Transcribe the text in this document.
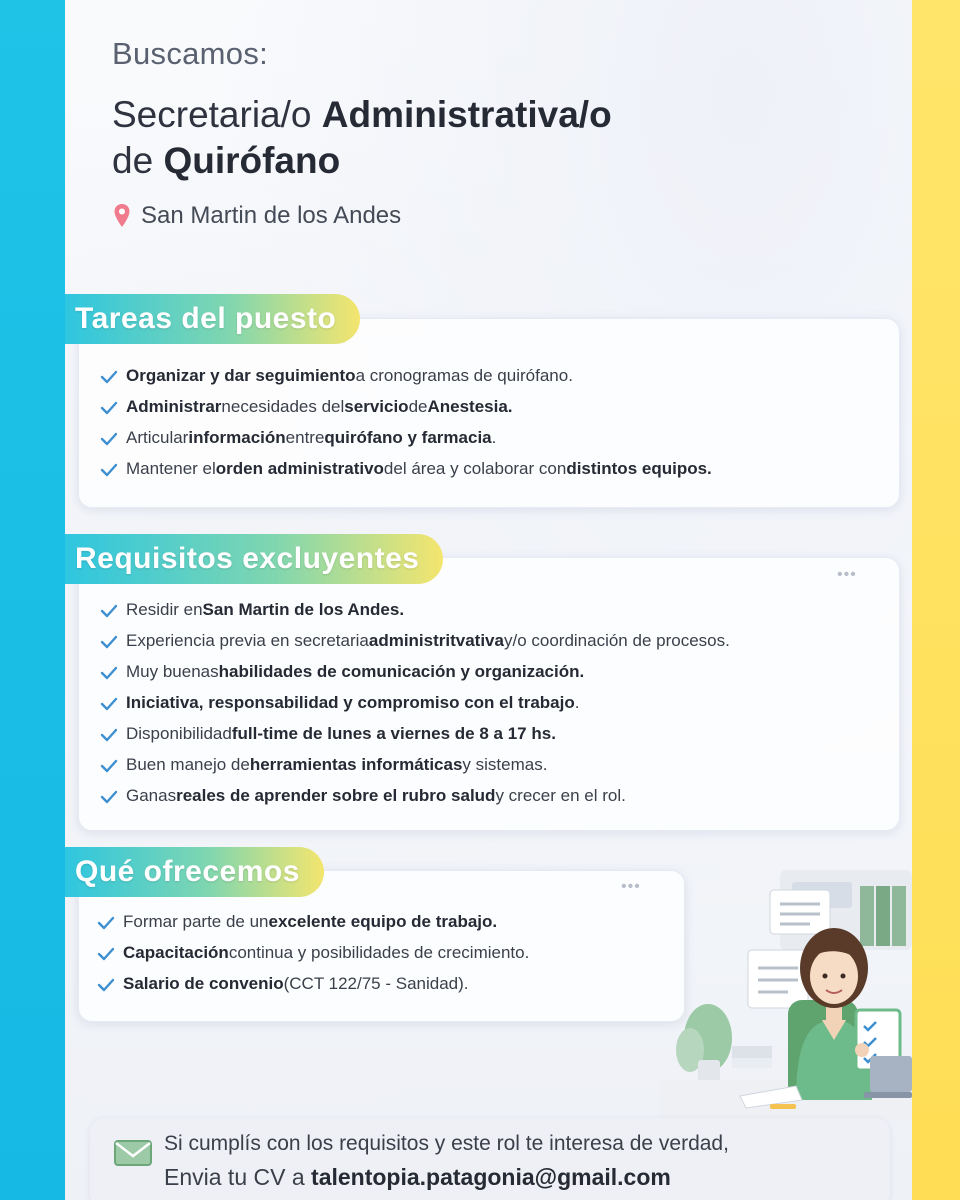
Buscamos:
Secretaria/o Administrativa/o
de Quirófano
San Martin de los Andes
Tareas del puesto
Organizar y dar seguimiento a cronogramas de quirófano.
Administrar necesidades del servicio de Anestesia.
Articular información entre quirófano y farmacia .
Mantener el orden administrativo del área y colaborar con distintos equipos.
Requisitos excluyentes	•••
Residir en San Martin de los Andes.
Experiencia previa en secretaria administritvativa y/o coordinación de procesos.
Muy buenas habilidades de comunicación y organización.
Iniciativa, responsabilidad y compromiso con el trabajo .
Disponibilidad full-time de lunes a viernes de 8 a 17 hs.
Buen manejo de herramientas informáticas y sistemas.
Ganas reales de aprender sobre el rubro salud y crecer en el rol.
Qué ofrecemos	•••
Formar parte de un excelente equipo de trabajo.
Capacitación continua y posibilidades de crecimiento.
Salario de convenio (CCT 122/75 - Sanidad).
Si cumplís con los requisitos y este rol te interesa de verdad,
Envia tu CV a talentopia.patagonia@gmail.com
